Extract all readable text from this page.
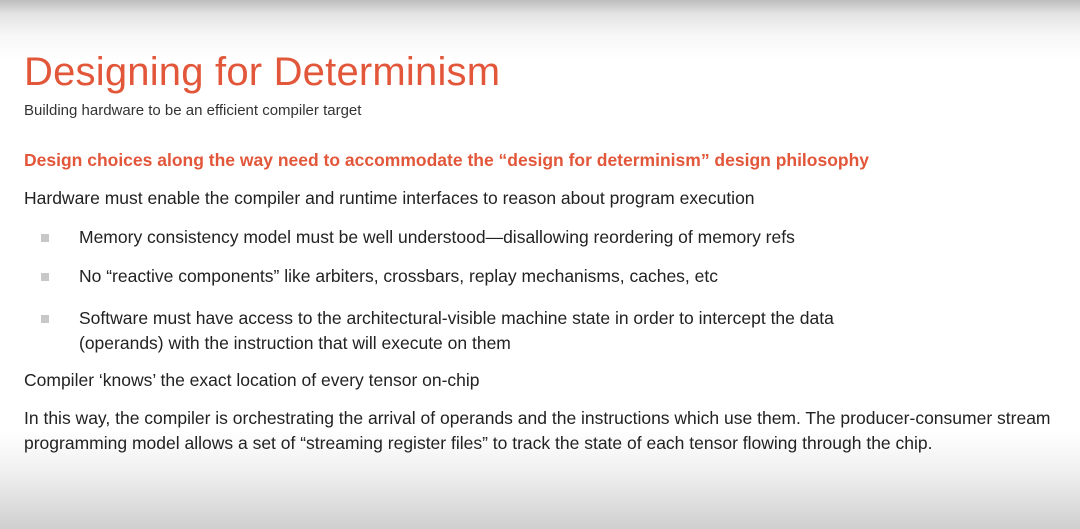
Designing for Determinism
Building hardware to be an efficient compiler target
Design choices along the way need to accommodate the “design for determinism” design philosophy
Hardware must enable the compiler and runtime interfaces to reason about program execution
Memory consistency model must be well understood—disallowing reordering of memory refs
No “reactive components” like arbiters, crossbars, replay mechanisms, caches, etc
Software must have access to the architectural-visible machine state in order to intercept the data (operands) with the instruction that will execute on them
Compiler ‘knows’ the exact location of every tensor on-chip
In this way, the compiler is orchestrating the arrival of operands and the instructions which use them. The producer-consumer stream programming model allows a set of “streaming register files” to track the state of each tensor flowing through the chip.
